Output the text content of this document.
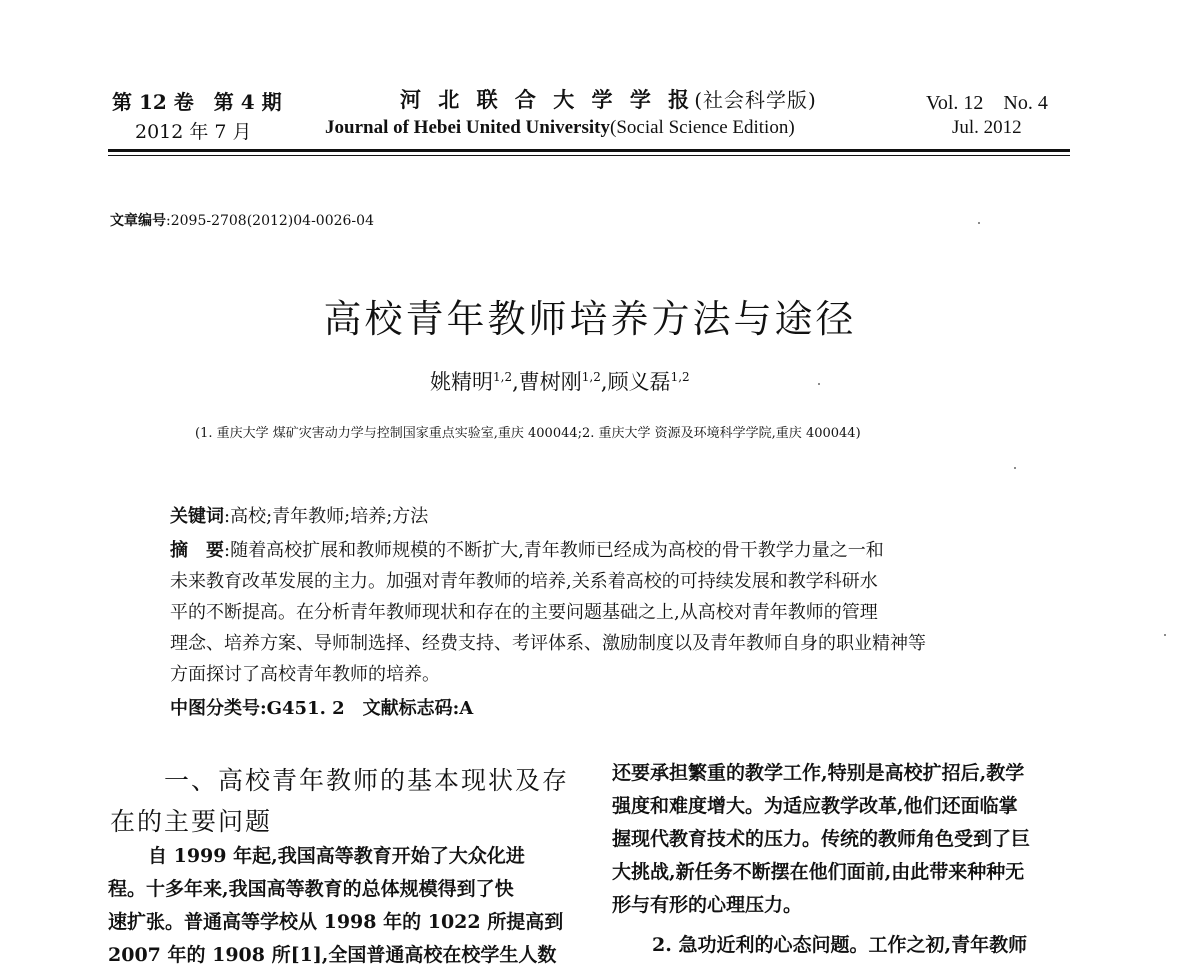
第 12 卷　第 4 期
2012 年 7 月
河 北 联 合 大 学 学 报(社会科学版)
Journal of Hebei United University(Social Science Edition)
Vol. 12　No. 4
Jul. 2012
文章编号:2095-2708(2012)04-0026-04
高校青年教师培养方法与途径
姚精明$^{1,2}$,曹树刚$^{1,2}$,顾义磊$^{1,2}$
(1. 重庆大学 煤矿灾害动力学与控制国家重点实验室,重庆 400044;2. 重庆大学 资源及环境科学学院,重庆 400044)
关键词:高校;青年教师;培养;方法

摘　要:随着高校扩展和教师规模的不断扩大,青年教师已经成为高校的骨干教学力量之一和

未来教育改革发展的主力。加强对青年教师的培养,关系着高校的可持续发展和教学科研水

平的不断提高。在分析青年教师现状和存在的主要问题基础之上,从高校对青年教师的管理

理念、培养方案、导师制选择、经费支持、考评体系、激励制度以及青年教师自身的职业精神等

方面探讨了高校青年教师的培养。

中图分类号:G451. 2　 文献标志码:A

一、高校青年教师的基本现状及存

在的主要问题

自 1999 年起,我国高等教育开始了大众化进

程。十多年来,我国高等教育的总体规模得到了快

速扩张。普通高等学校从 1998 年的 1022 所提高到

2007 年的 1908 所[1],全国普通高校在校学生人数

还要承担繁重的教学工作,特别是高校扩招后,教学

强度和难度增大。为适应教学改革,他们还面临掌

握现代教育技术的压力。传统的教师角色受到了巨

大挑战,新任务不断摆在他们面前,由此带来种种无

形与有形的心理压力。

2. 急功近利的心态问题。工作之初,青年教师
